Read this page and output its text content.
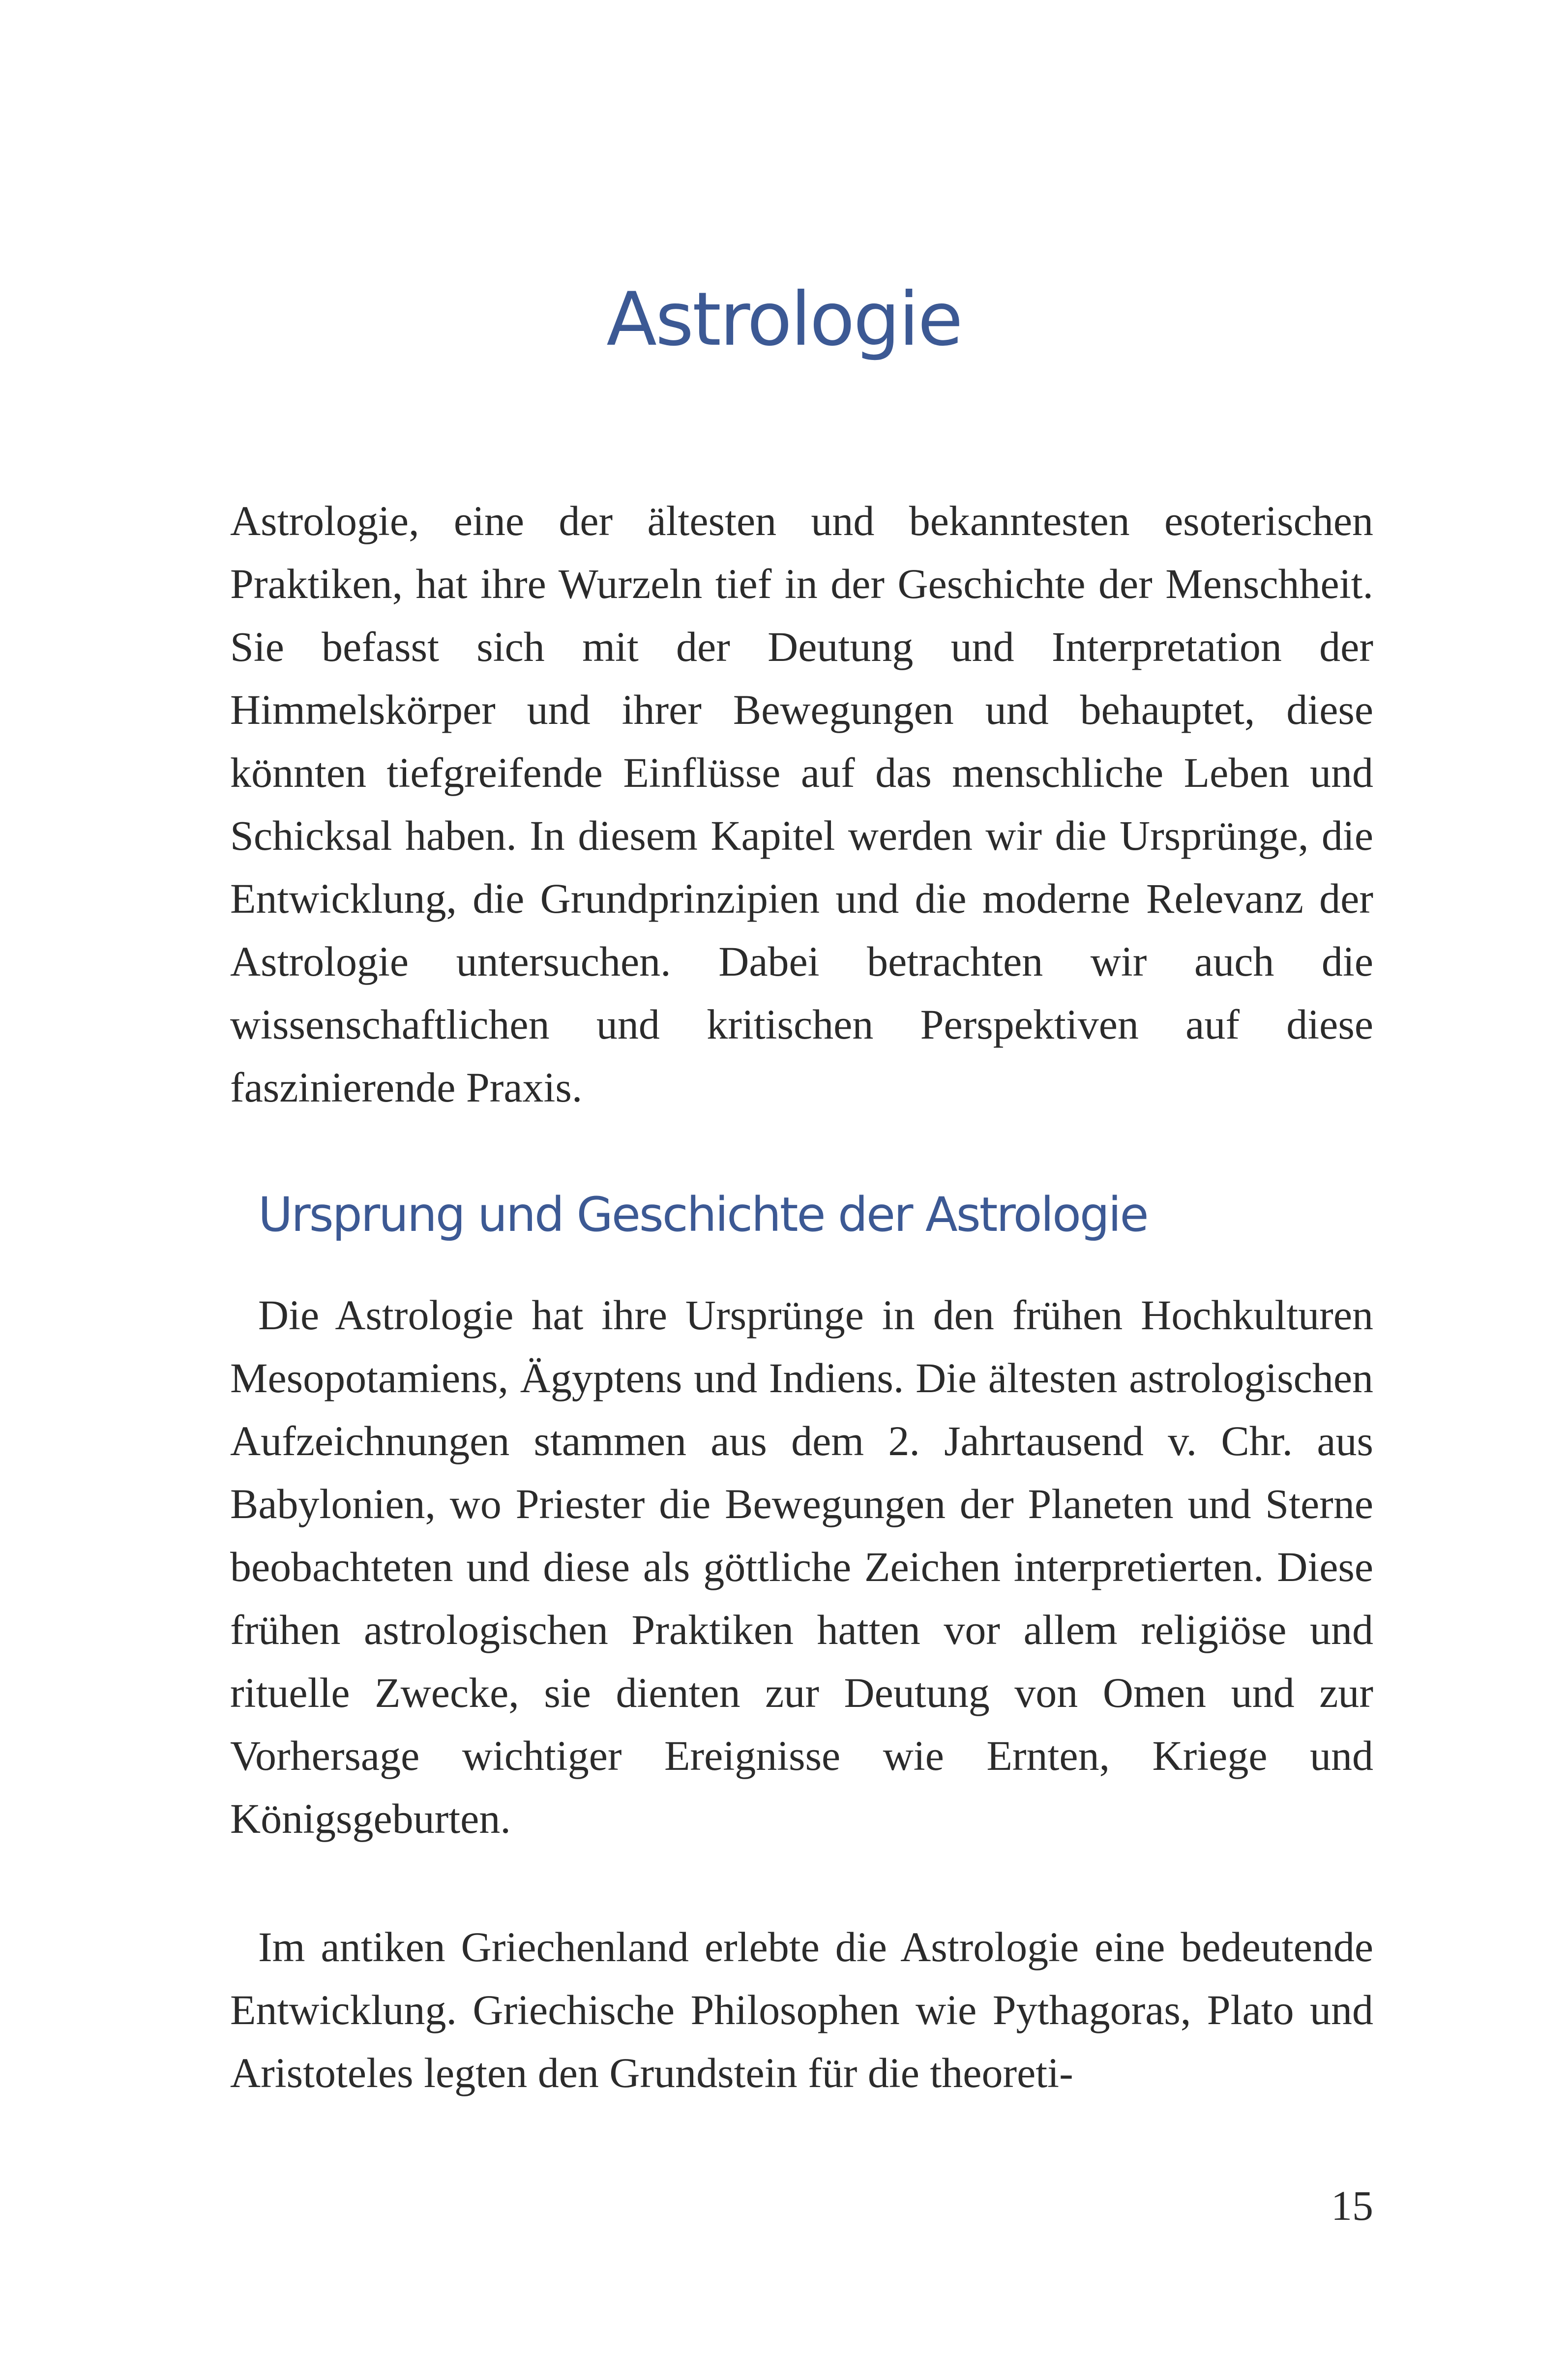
Astrologie

Astrologie, eine der ältesten und bekanntesten esoterischen Praktiken, hat ihre Wurzeln tief in der Geschichte der Menschheit. Sie befasst sich mit der Deutung und Interpretation der Himmelskörper und ihrer Bewegungen und behauptet, diese könnten tiefgreifende Einflüsse auf das menschliche Leben und Schicksal haben. In diesem Kapitel werden wir die Ursprünge, die Entwicklung, die Grundprinzipien und die moderne Relevanz der Astrologie untersuchen. Dabei betrachten wir auch die wissenschaftlichen und kritischen Perspektiven auf diese faszinierende Praxis.

Ursprung und Geschichte der Astrologie

Die Astrologie hat ihre Ursprünge in den frühen Hochkulturen Mesopotamiens, Ägyptens und Indiens. Die ältesten astrologischen Aufzeichnungen stammen aus dem 2. Jahrtausend v. Chr. aus Babylonien, wo Priester die Bewegungen der Planeten und Sterne beobachteten und diese als göttliche Zeichen interpretierten. Diese frühen astrologischen Praktiken hatten vor allem religiöse und rituelle Zwecke, sie dienten zur Deutung von Omen und zur Vorhersage wichtiger Ereignisse wie Ernten, Kriege und Königsgeburten.

Im antiken Griechenland erlebte die Astrologie eine bedeutende Entwicklung. Griechische Philosophen wie Pythagoras, Plato und Aristoteles legten den Grundstein für die theoreti-

15
